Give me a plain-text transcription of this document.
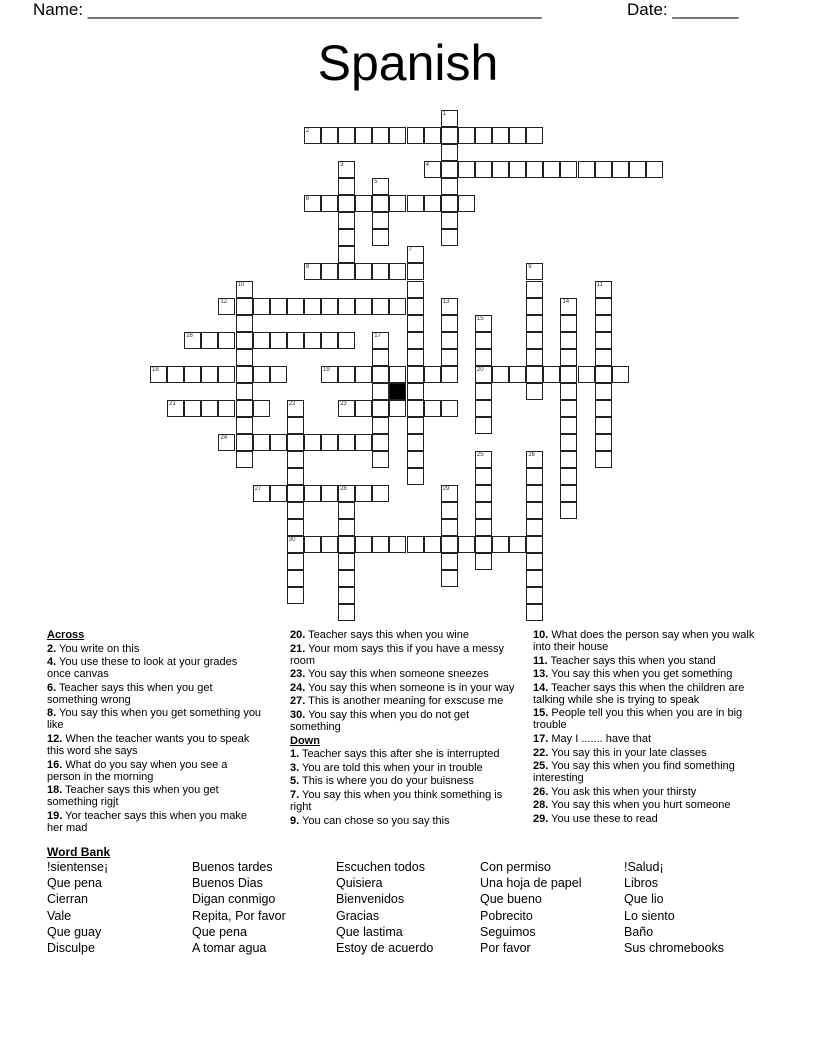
Name: ________________________________________________	Date: _______
Spanish
1
2
3	4
5
6
7
8	9
10	11
12	13	14
15
20
16	17
18	19
21	22
30
23
24
25	26
27	28	29
Across
2. You write on this
4. You use these to look at your grades once canvas
6. Teacher says this when you get something wrong
8. You say this when you get something you like
12. When the teacher wants you to speak this word she says
16. What do you say when you see a person in the morning
18. Teacher says this when you get something rigjt
19. Yor teacher says this when you make her mad
20. Teacher says this when you wine
21. Your mom says this if you have a messy room
23. You say this when someone sneezes
24. You say this when someone is in your way
27. This is another meaning for exscuse me
30. You say this when you do not get something
Down
1. Teacher says this after she is interrupted
3. You are told this when your in trouble
5. This is where you do your buisness
7. You say this when you think something is right
9. You can chose so you say this
10. What does the person say when you walk into their house
11. Teacher says this when you stand
13. You say this when you get something
14. Teacher says this when the children are talking while she is trying to speak
15. People tell you this when you are in big trouble
17. May I ....... have that
22. You say this in your late classes
25. You say this when you find something interesting
26. You ask this when your thirsty
28. You say this when you hurt someone
29. You use these to read
Word Bank
!sientense¡
Que pena
Cierran
Vale
Que guay
Disculpe
Buenos tardes
Buenos Dias
Digan conmigo
Repita, Por favor
Que pena
A tomar agua
Escuchen todos
Quisiera
Bienvenidos
Gracias
Que lastima
Estoy de acuerdo
Con permiso
Una hoja de papel
Que bueno
Pobrecito
Seguimos
Por favor
!Salud¡
Libros
Que lio
Lo siento
Baño
Sus chromebooks
